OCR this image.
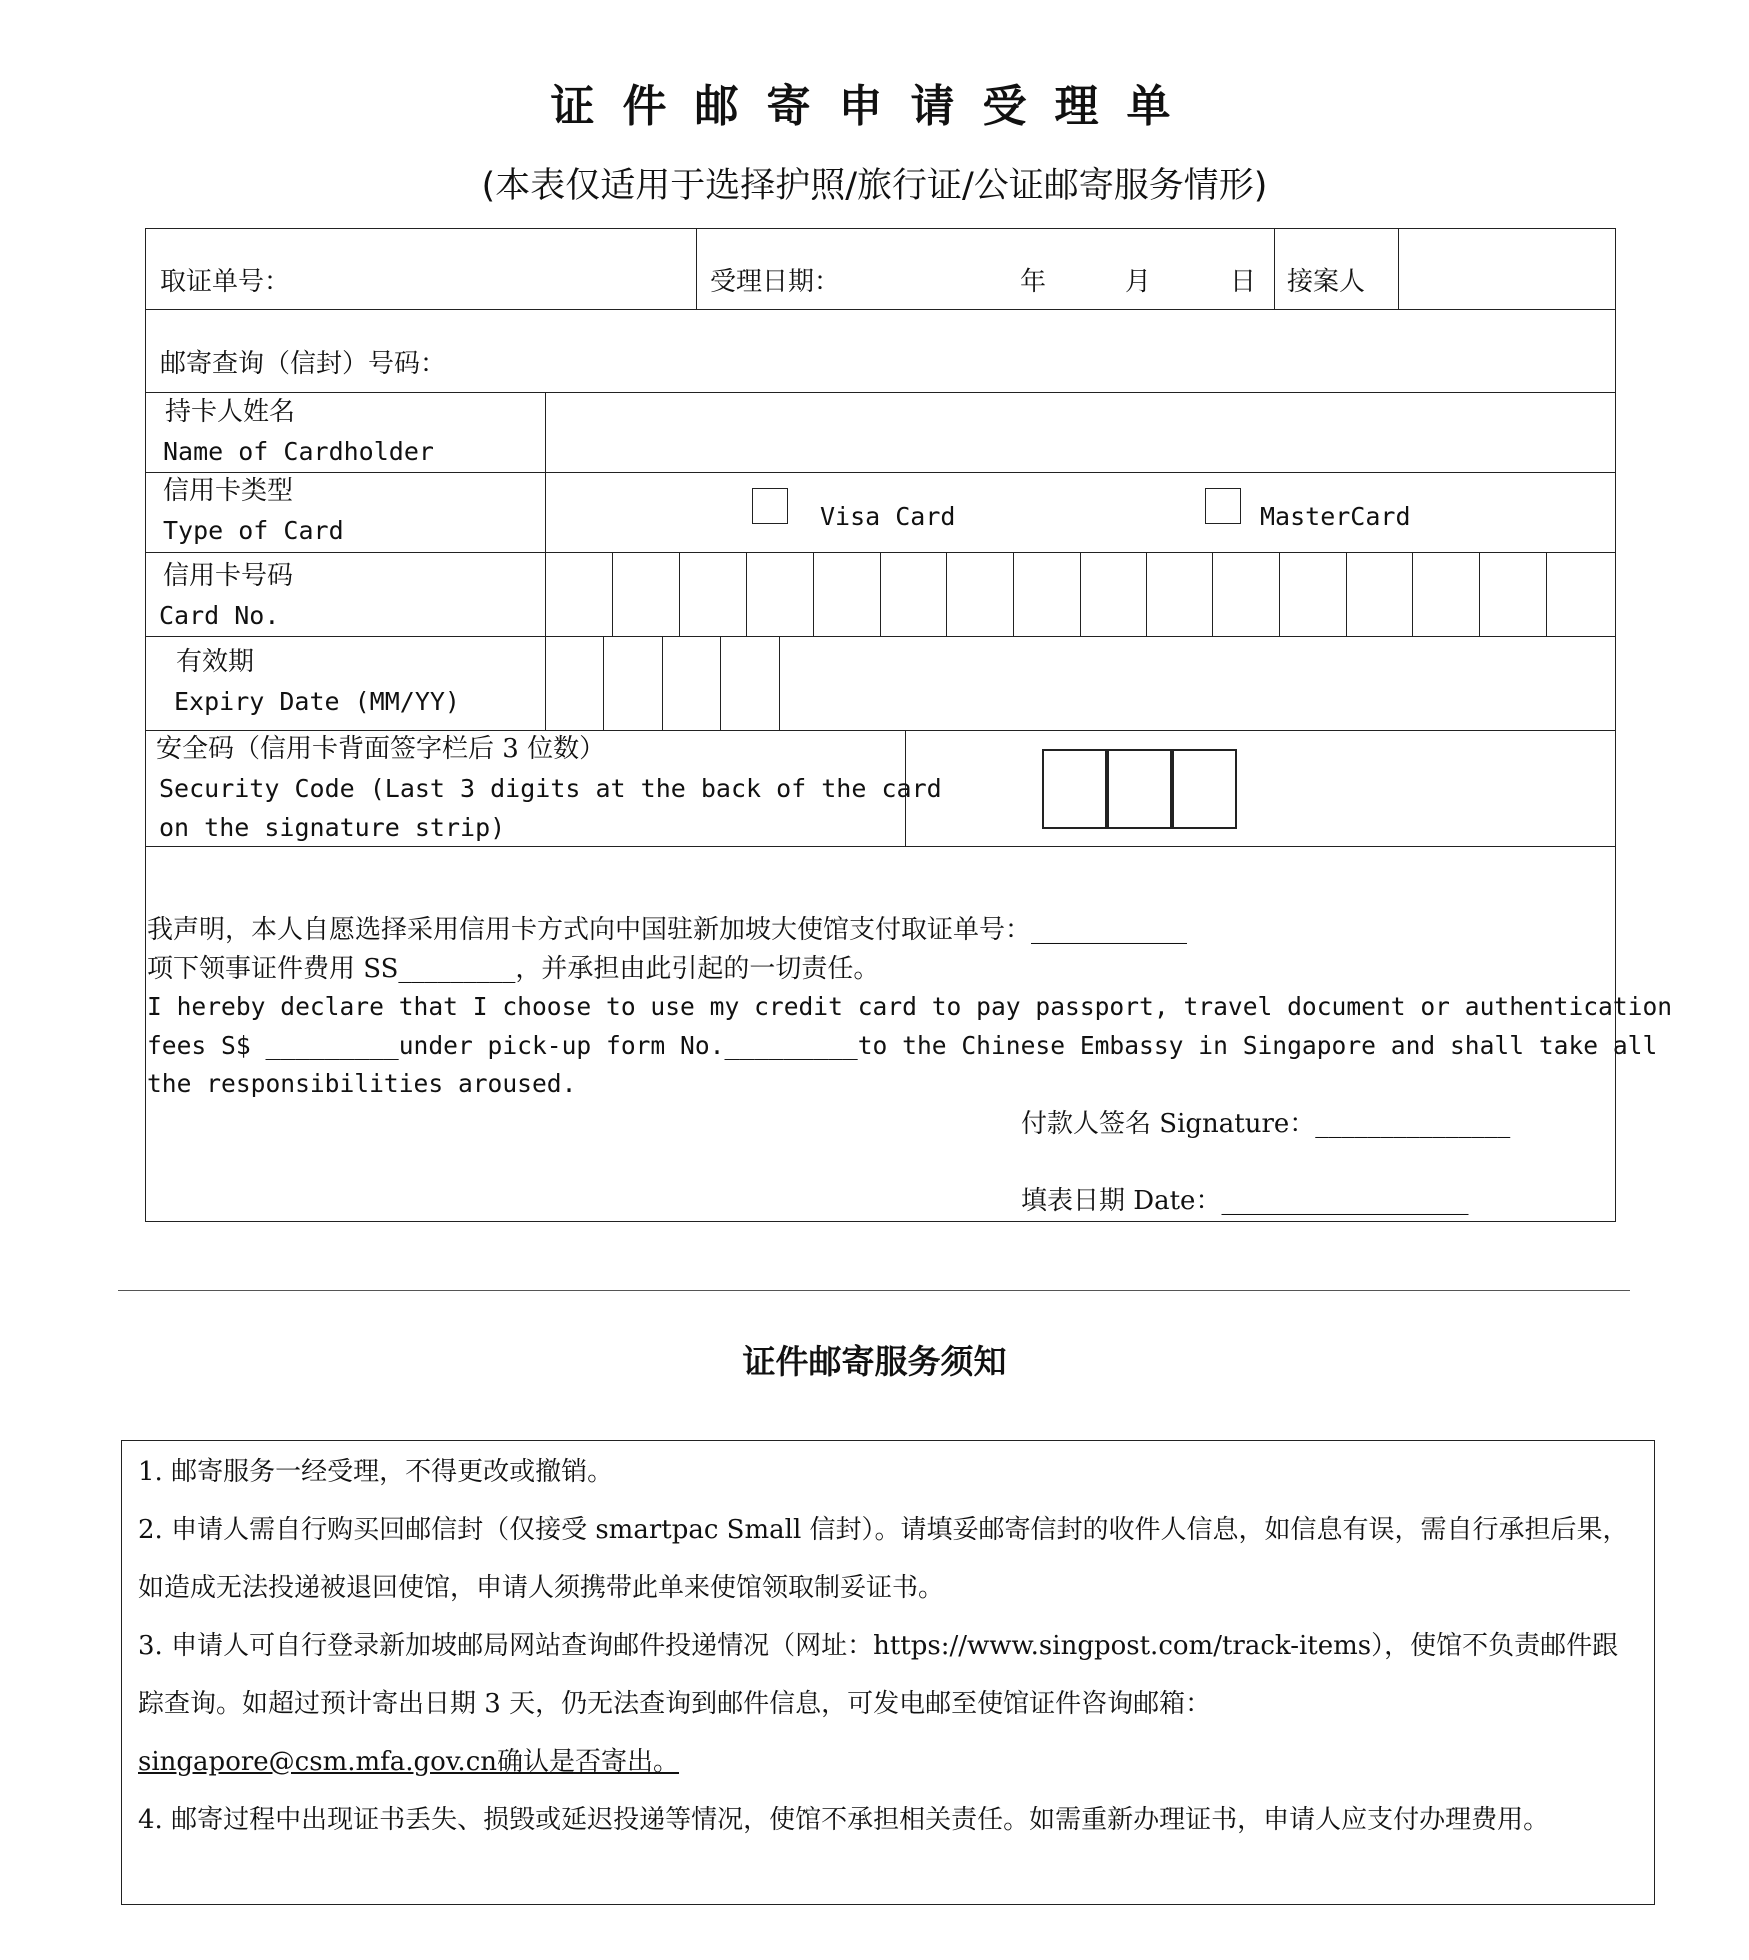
证件邮寄申请受理单
(本表仅适用于选择护照/旅行证/公证邮寄服务情形)
取证单号：	受理日期：	年	月	日 接案人
邮寄查询（信封）号码：
持卡人姓名
Name of Cardholder
信用卡类型
Type of Card	Visa Card	MasterCard
信用卡号码
Card No.
有效期
Expiry Date (MM/YY)
安全码（信用卡背面签字栏后 3 位数）
Security Code (Last 3 digits at the back of the card
on the signature strip)
我声明，本人自愿选择采用信用卡方式向中国驻新加坡大使馆支付取证单号：____________
项下领事证件费用 SS_________，并承担由此引起的一切责任。
I hereby declare that I choose to use my credit card to pay passport, travel document or authentication
fees S$ _________under pick-up form No._________to the Chinese Embassy in Singapore and shall take all
the responsibilities aroused.
付款人签名 Signature：_______________
填表日期 Date：___________________
证件邮寄服务须知

1. 邮寄服务一经受理，不得更改或撤销。

2. 申请人需自行购买回邮信封（仅接受 smartpac Small 信封）。请填妥邮寄信封的收件人信息，如信息有误，需自行承担后果，如造成无法投递被退回使馆，申请人须携带此单来使馆领取制妥证书。

3. 申请人可自行登录新加坡邮局网站查询邮件投递情况（网址：https://www.singpost.com/track-items），使馆不负责邮件跟踪查询。如超过预计寄出日期 3 天，仍无法查询到邮件信息，可发电邮至使馆证件咨询邮箱：
singapore@csm.mfa.gov.cn确认是否寄出。

4. 邮寄过程中出现证书丢失、损毁或延迟投递等情况，使馆不承担相关责任。如需重新办理证书，申请人应支付办理费用。
